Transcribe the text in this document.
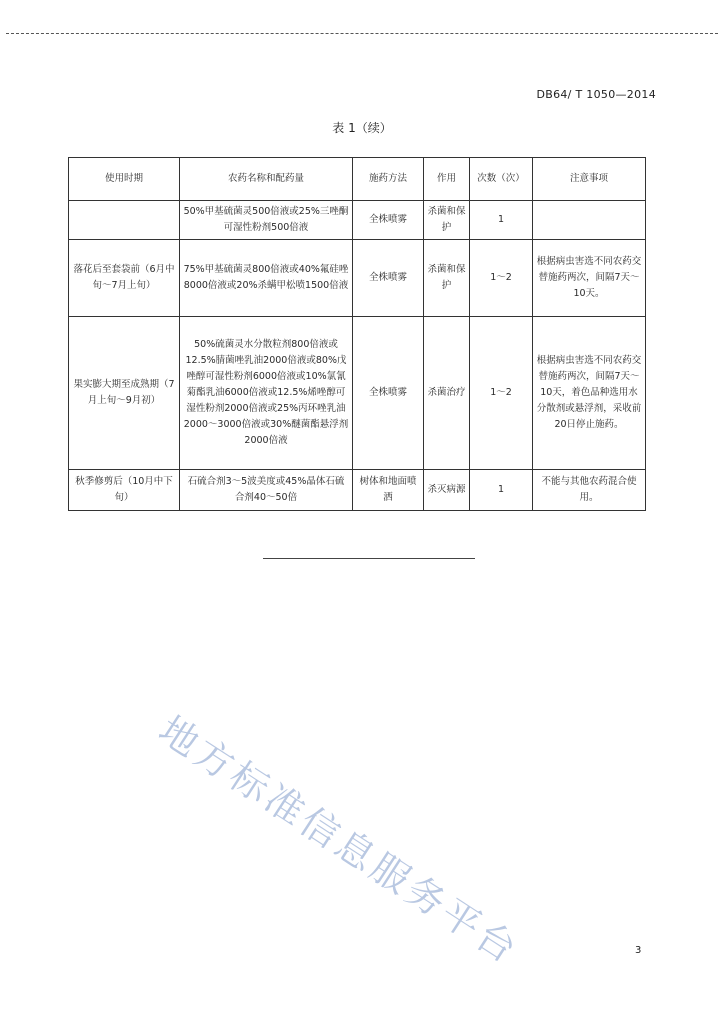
DB64/ T 1050—2014
表 1（续）
使用时期	农药名称和配药量	施药方法	作用	次数（次）	注意事项
	50%甲基硫菌灵500倍液或25%三唑酮可湿性粉剂500倍液	全株喷雾	杀菌和保护	1	
落花后至套袋前（6月中旬～7月上旬）	75%甲基硫菌灵800倍液或40%氟硅唑8000倍液或20%杀螨甲松喷1500倍液	全株喷雾	杀菌和保护	1～2	根据病虫害选不同农药交替施药两次，间隔7天～10天。
果实膨大期至成熟期（7月上旬～9月初）	50%硫菌灵水分散粒剂800倍液或12.5%腈菌唑乳油2000倍液或80%戊唑醇可湿性粉剂6000倍液或10%氯氰菊酯乳油6000倍液或12.5%烯唑醇可湿性粉剂2000倍液或25%丙环唑乳油2000～3000倍液或30%醚菌酯悬浮剂2000倍液	全株喷雾	杀菌治疗	1～2	根据病虫害选不同农药交替施药两次，间隔7天～10天，着色品种选用水分散剂或悬浮剂，采收前20日停止施药。
秋季修剪后（10月中下旬）	石硫合剂3～5波美度或45%晶体石硫合剂40～50倍	树体和地面喷洒	杀灭病源	1	不能与其他农药混合使用。
地方标准信息服务平台	3
